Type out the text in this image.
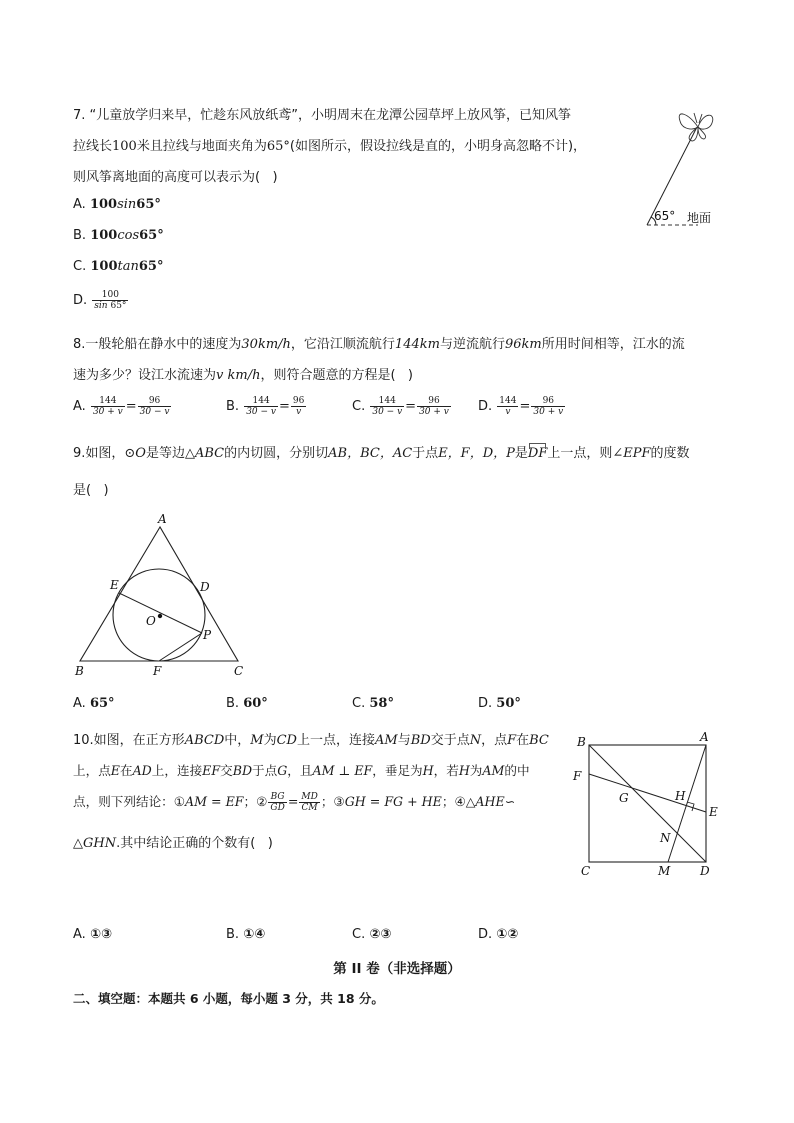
7. “儿童放学归来早，忙趁东风放纸鸢”，小明周末在龙潭公园草坪上放风筝，已知风筝
拉线长100米且拉线与地面夹角为65°(如图所示，假设拉线是直的，小明身高忽略不计)，
则风筝离地面的高度可以表示为(   )
A. 100sin65°
B. 100cos65°
C. 100tan65°
D. $\frac{100}{\sin 65^\circ}$
65° 地面
8.一般轮船在静水中的速度为30km/h，它沿江顺流航行144km与逆流航行96km所用时间相等，江水的流
速为多少？设江水流速为v km/h，则符合题意的方程是(   )
A. $\frac{144}{30 + v} = \frac{96}{30 - v}$	B. $\frac{144}{30 - v} = \frac{96}{v}$	C. $\frac{144}{30 - v} = \frac{96}{30 + v} D$. $\frac{144}{v} = \frac{96}{30 + v}$
9.如图，⊙O是等边△ABC的内切圆，分别切AB，BC，AC于点E，F，D，P是DF上一点，则∠EPF的度数
是(   )
A
B	C
D
E
F
O
P
A. 65°	B. 60°	C. 58°	D. 50°
10.如图，在正方形ABCD中，M为CD上一点，连接AM与BD交于点N，点F在BC
上，点E在AD上，连接EF交BD于点G，且AM ⊥ EF，垂足为H，若H为AM的中
点，则下列结论：①AM = EF；② $\frac{BG}{GD} = \frac{MD}{CM}$ ；③GH = FG + HE；④△AHE∽
△GHN.其中结论正确的个数有(   )
B	A
F
G	H
E
N
C	M D
A. ①③	B. ①④	C. ②③	D. ①②
第 II 卷（非选择题）
二、填空题：本题共 6 小题，每小题 3 分，共 18 分。
